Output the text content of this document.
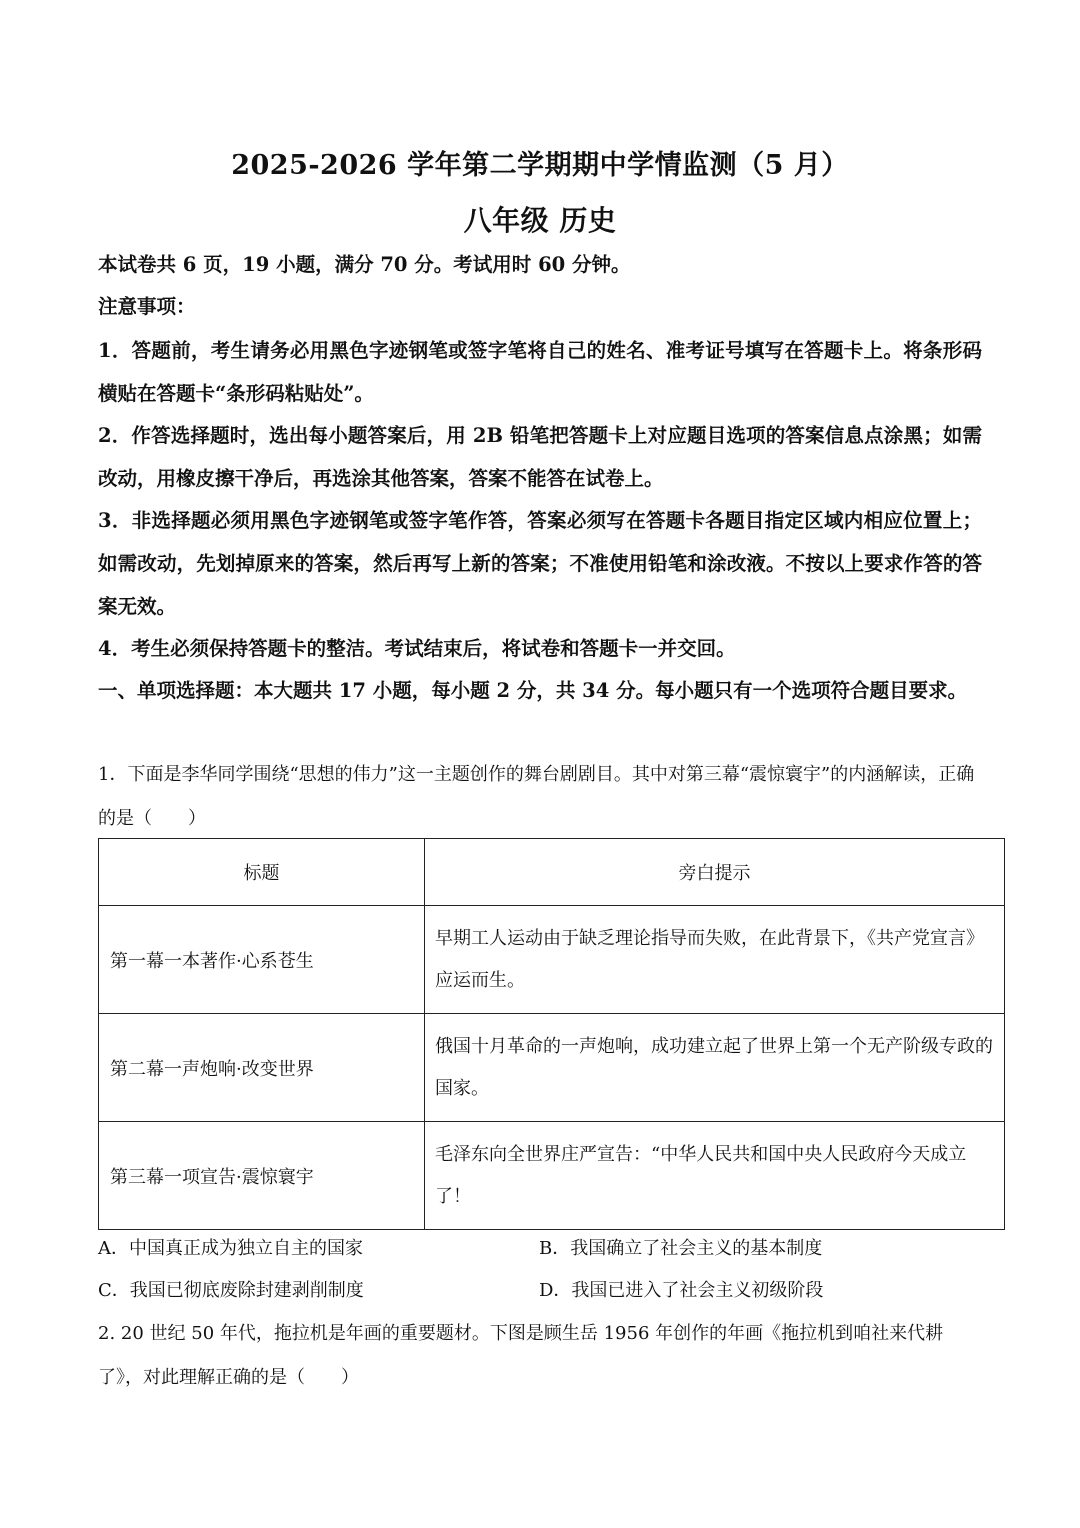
2025-2026 学年第二学期期中学情监测（5 月）
八年级 历史
本试卷共 6 页，19 小题，满分 70 分。考试用时 60 分钟。
注意事项：
1．答题前，考生请务必用黑色字迹钢笔或签字笔将自己的姓名、准考证号填写在答题卡上。将条形码横贴在答题卡“条形码粘贴处”。
2．作答选择题时，选出每小题答案后，用 2B 铅笔把答题卡上对应题目选项的答案信息点涂黑；如需改动，用橡皮擦干净后，再选涂其他答案，答案不能答在试卷上。
3．非选择题必须用黑色字迹钢笔或签字笔作答，答案必须写在答题卡各题目指定区域内相应位置上；如需改动，先划掉原来的答案，然后再写上新的答案；不准使用铅笔和涂改液。不按以上要求作答的答案无效。
4．考生必须保持答题卡的整洁。考试结束后，将试卷和答题卡一并交回。
一、单项选择题：本大题共 17 小题，每小题 2 分，共 34 分。每小题只有一个选项符合题目要求。
1．下面是李华同学围绕“思想的伟力”这一主题创作的舞台剧剧目。其中对第三幕“震惊寰宇”的内涵解读，正确的是（　　）
标题	旁白提示
第一幕一本著作·心系苍生	早期工人运动由于缺乏理论指导而失败，在此背景下，《共产党宣言》应运而生。
第二幕一声炮响·改变世界	俄国十月革命的一声炮响，成功建立起了世界上第一个无产阶级专政的国家。
第三幕一项宣告·震惊寰宇	毛泽东向全世界庄严宣告：“中华人民共和国中央人民政府今天成立了！
A．中国真正成为独立自主的国家	B．我国确立了社会主义的基本制度
C．我国已彻底废除封建剥削制度	D．我国已进入了社会主义初级阶段
2. 20 世纪 50 年代，拖拉机是年画的重要题材。下图是顾生岳 1956 年创作的年画《拖拉机到咱社来代耕了》，对此理解正确的是（　　）
